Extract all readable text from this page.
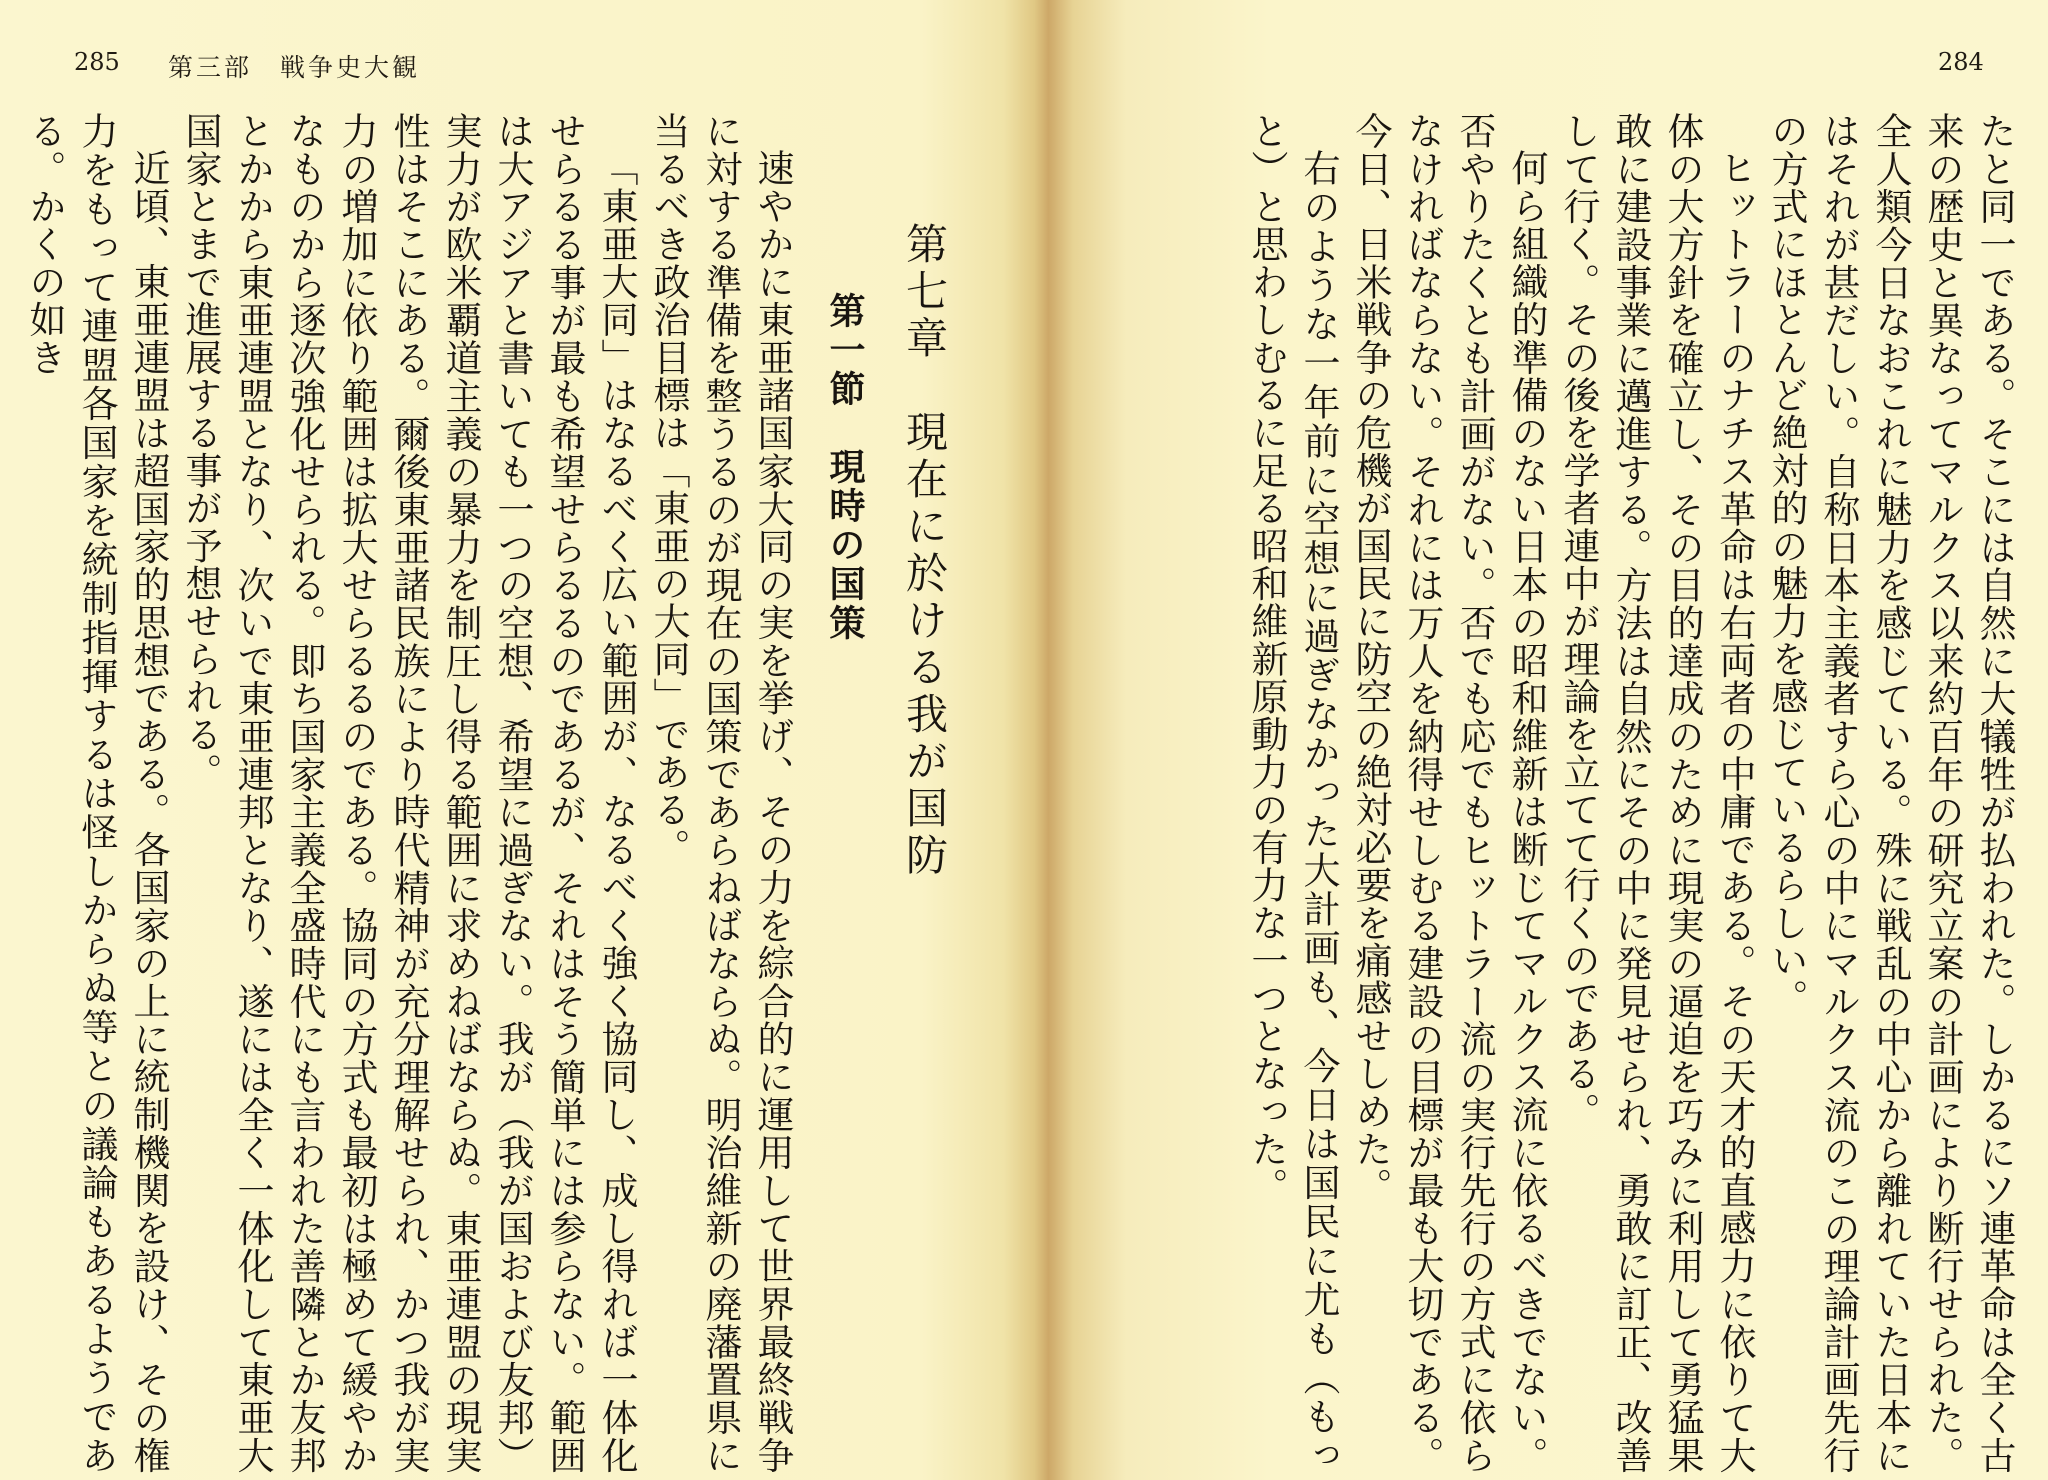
285 第三部　戦争史大観
第七章　現在に於ける我が国防
第一節　現時の国策

速やかに東亜諸国家大同の実を挙げ、その力を綜合的に運用して世界最終戦争に対する準備を整うるのが現在の国策であらねばならぬ。明治維新の廃藩置県に当るべき政治目標は「東亜の大同」である。

「東亜大同」はなるべく広い範囲が、なるべく強く協同し、成し得れば一体化せらるる事が最も希望せらるるのであるが、それはそう簡単には参らない。範囲は大アジアと書いても一つの空想、希望に過ぎない。我が（我が国および友邦）実力が欧米覇道主義の暴力を制圧し得る範囲に求めねばならぬ。東亜連盟の現実性はそこにある。爾後東亜諸民族により時代精神が充分理解せられ、かつ我が実力の増加に依り範囲は拡大せらるるのである。協同の方式も最初は極めて緩やかなものから逐次強化せられる。即ち国家主義全盛時代にも言われた善隣とか友邦とかから東亜連盟となり、次いで東亜連邦となり、遂には全く一体化して東亜大国家とまで進展する事が予想せられる。

近頃、東亜連盟は超国家的思想である。各国家の上に統制機関を設け、その権力をもって連盟各国家を統制指揮するは怪しからぬ等との議論もあるようである。かくの如き

284

たと同一である。そこには自然に大犠牲が払われた。しかるにソ連革命は全く古来の歴史と異なってマルクス以来約百年の研究立案の計画により断行せられた。全人類今日なおこれに魅力を感じている。殊に戦乱の中心から離れていた日本にはそれが甚だしい。自称日本主義者すら心の中にマルクス流のこの理論計画先行の方式にほとんど絶対的の魅力を感じているらしい。

ヒットラーのナチス革命は右両者の中庸である。その天才的直感力に依りて大体の大方針を確立し、その目的達成のために現実の逼迫を巧みに利用して勇猛果敢に建設事業に邁進する。方法は自然にその中に発見せられ、勇敢に訂正、改善して行く。その後を学者連中が理論を立てて行くのである。

何ら組織的準備のない日本の昭和維新は断じてマルクス流に依るべきでない。否やりたくとも計画がない。否でも応でもヒットラー流の実行先行の方式に依らなければならない。それには万人を納得せしむる建設の目標が最も大切である。今日、日米戦争の危機が国民に防空の絶対必要を痛感せしめた。

右のような一年前に空想に過ぎなかった大計画も、今日は国民に尤も（もっと）と思わしむるに足る昭和維新原動力の有力な一つとなった。
